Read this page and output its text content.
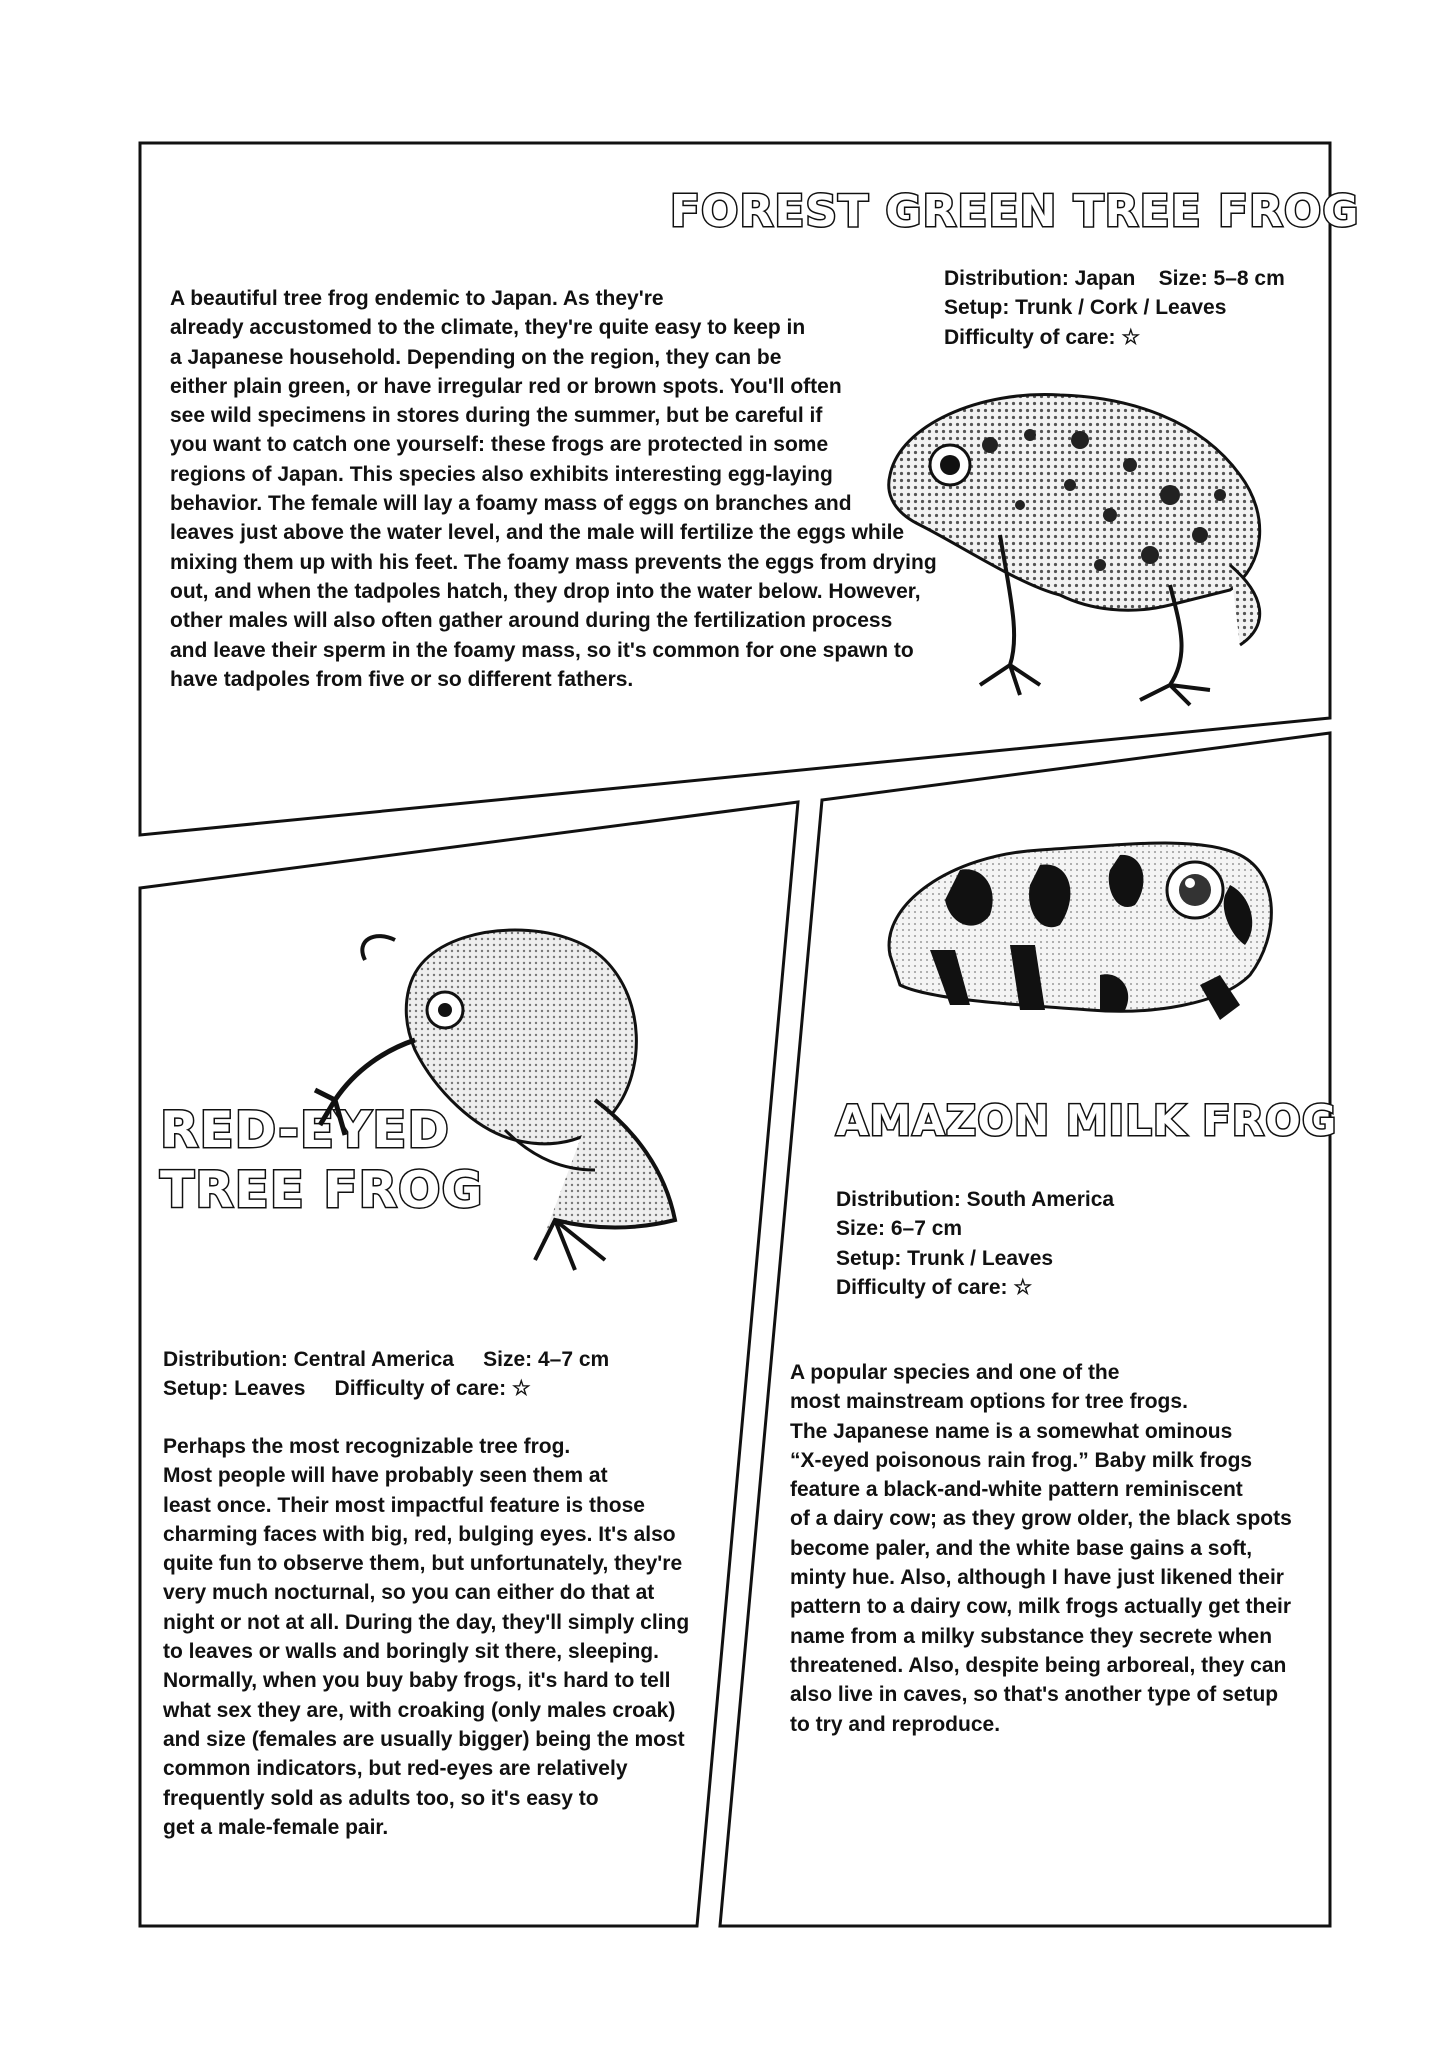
FOREST GREEN TREE FROG
Distribution: Japan    Size: 5–8 cm
Setup: Trunk / Cork / Leaves
Difficulty of care: ☆
A beautiful tree frog endemic to Japan. As they're
already accustomed to the climate, they're quite easy to keep in
a Japanese household. Depending on the region, they can be
either plain green, or have irregular red or brown spots. You'll often
see wild specimens in stores during the summer, but be careful if
you want to catch one yourself: these frogs are protected in some
regions of Japan. This species also exhibits interesting egg-laying
behavior. The female will lay a foamy mass of eggs on branches and
leaves just above the water level, and the male will fertilize the eggs while
mixing them up with his feet. The foamy mass prevents the eggs from drying
out, and when the tadpoles hatch, they drop into the water below. However,
other males will also often gather around during the fertilization process
and leave their sperm in the foamy mass, so it's common for one spawn to
have tadpoles from five or so different fathers.
RED-EYED
TREE FROG
Distribution: Central America     Size: 4–7 cm
Setup: Leaves     Difficulty of care: ☆
Perhaps the most recognizable tree frog.
Most people will have probably seen them at
least once. Their most impactful feature is those
charming faces with big, red, bulging eyes. It's also
quite fun to observe them, but unfortunately, they're
very much nocturnal, so you can either do that at
night or not at all. During the day, they'll simply cling
to leaves or walls and boringly sit there, sleeping.
Normally, when you buy baby frogs, it's hard to tell
what sex they are, with croaking (only males croak)
and size (females are usually bigger) being the most
common indicators, but red-eyes are relatively
frequently sold as adults too, so it's easy to
get a male-female pair.
AMAZON MILK FROG
Distribution: South America
Size: 6–7 cm
Setup: Trunk / Leaves
Difficulty of care: ☆
A popular species and one of the
most mainstream options for tree frogs.
The Japanese name is a somewhat ominous
“X-eyed poisonous rain frog.” Baby milk frogs
feature a black-and-white pattern reminiscent
of a dairy cow; as they grow older, the black spots
become paler, and the white base gains a soft,
minty hue. Also, although I have just likened their
pattern to a dairy cow, milk frogs actually get their
name from a milky substance they secrete when
threatened. Also, despite being arboreal, they can
also live in caves, so that's another type of setup
to try and reproduce.
